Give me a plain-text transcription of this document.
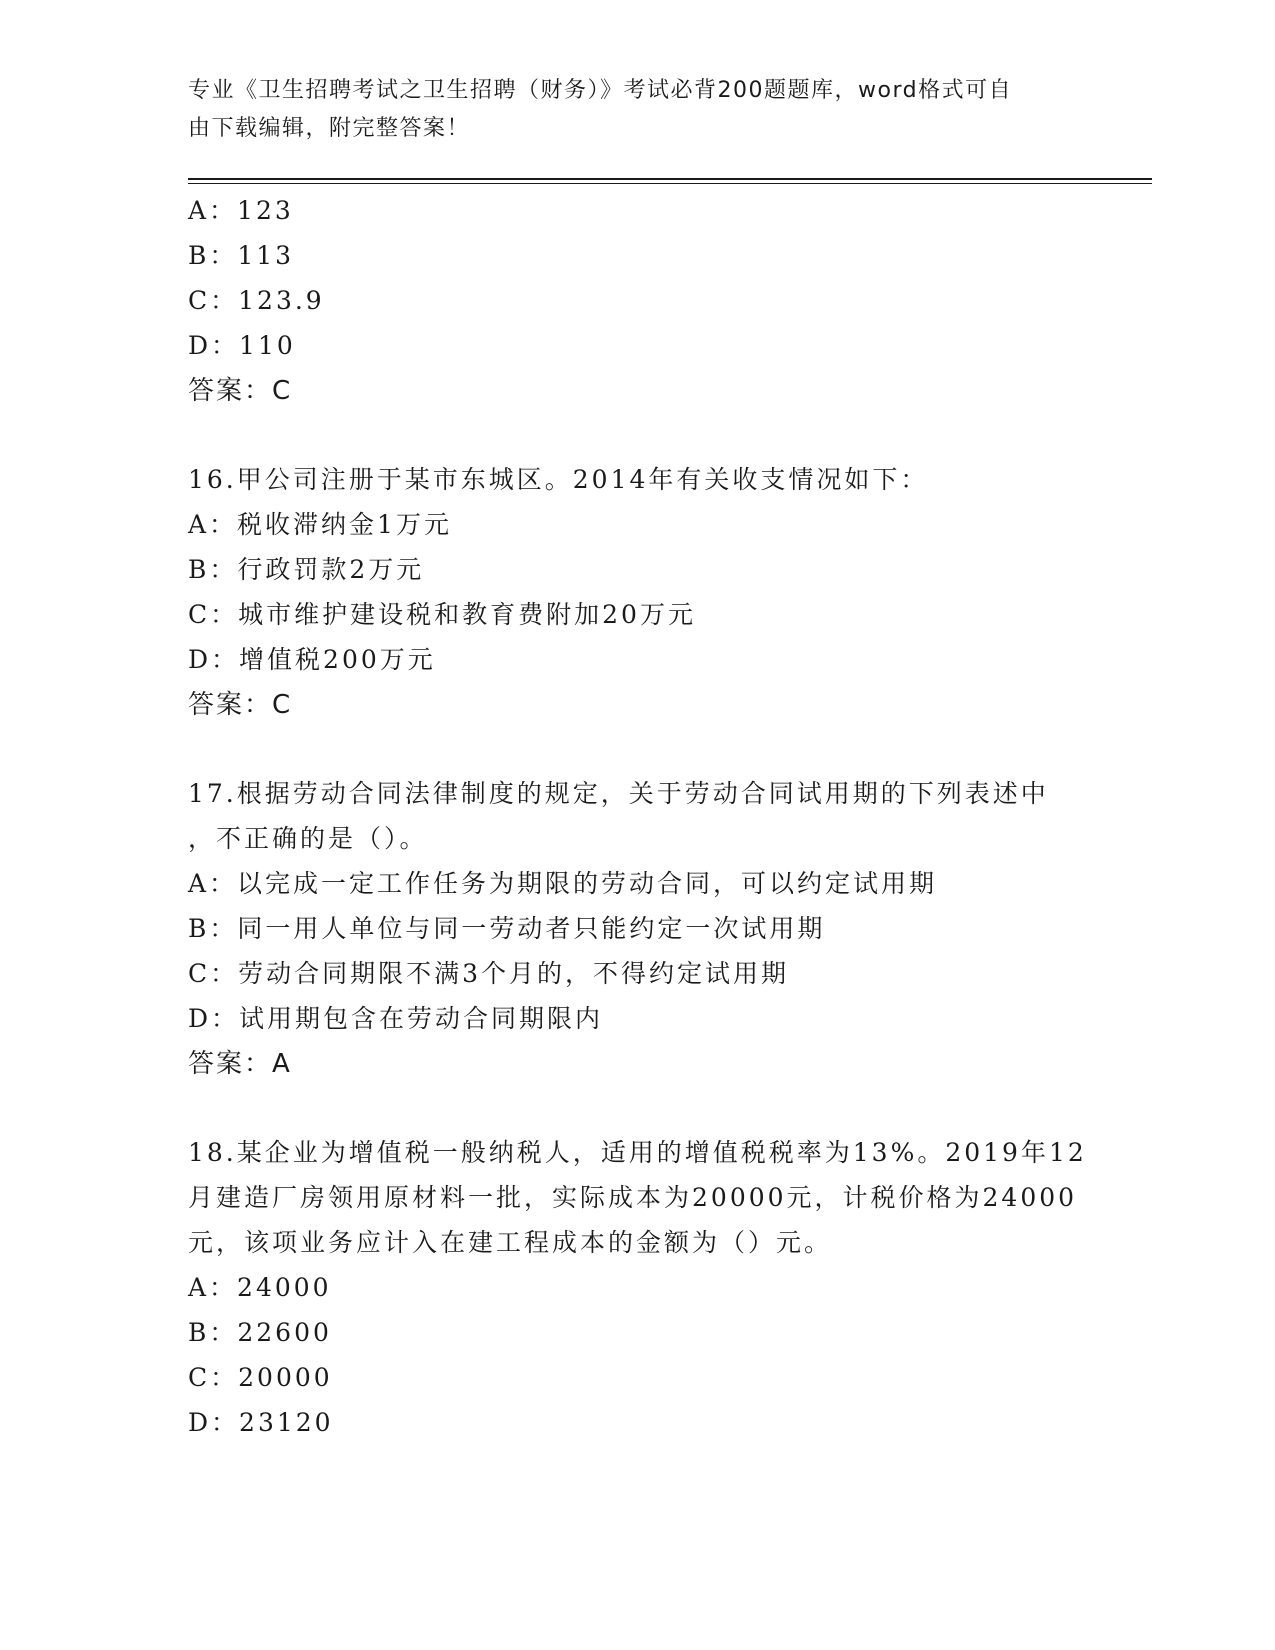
专业《卫生招聘考试之卫生招聘（财务）》考试必背200题题库，word格式可自
由下载编辑，附完整答案！
A：123
B：113
C：123.9
D：110
答案：C
16.甲公司注册于某市东城区。2014年有关收支情况如下：
A：税收滞纳金1万元
B：行政罚款2万元
C：城市维护建设税和教育费附加20万元
D：增值税200万元
答案：C
17.根据劳动合同法律制度的规定，关于劳动合同试用期的下列表述中
，不正确的是（）。
A：以完成一定工作任务为期限的劳动合同，可以约定试用期
B：同一用人单位与同一劳动者只能约定一次试用期
C：劳动合同期限不满3个月的，不得约定试用期
D：试用期包含在劳动合同期限内
答案：A
18.某企业为增值税一般纳税人，适用的增值税税率为13%。2019年12
月建造厂房领用原材料一批，实际成本为20000元，计税价格为24000
元，该项业务应计入在建工程成本的金额为（）元。
A：24000
B：22600
C：20000
D：23120
